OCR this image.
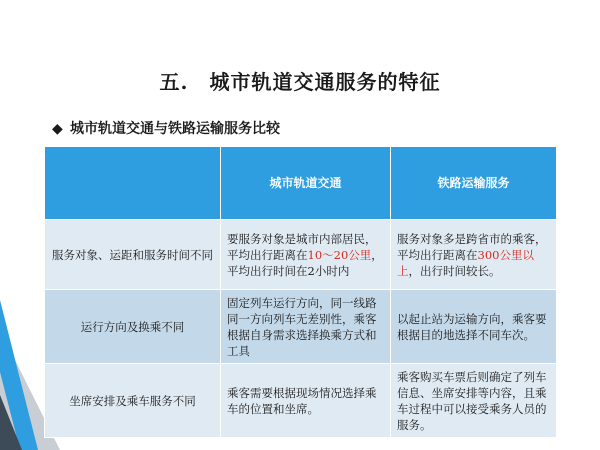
五.　城市轨道交通服务的特征
◆ 城市轨道交通与铁路运输服务比较
	城市轨道交通	铁路运输服务
服务对象、运距和服务时间不同	要服务对象是城市内部居民，平均出行距离在10～20公里，平均出行时间在2小时内	服务对象多是跨省市的乘客，平均出行距离在300公里以上，出行时间较长。
运行方向及换乘不同	固定列车运行方向，同一线路同一方向列车无差别性，乘客根据自身需求选择换乘方式和工具	以起止站为运输方向，乘客要根据目的地选择不同车次。
坐席安排及乘车服务不同	乘客需要根据现场情况选择乘车的位置和坐席。	乘客购买车票后则确定了列车信息、坐席安排等内容，且乘车过程中可以接受乘务人员的服务。
